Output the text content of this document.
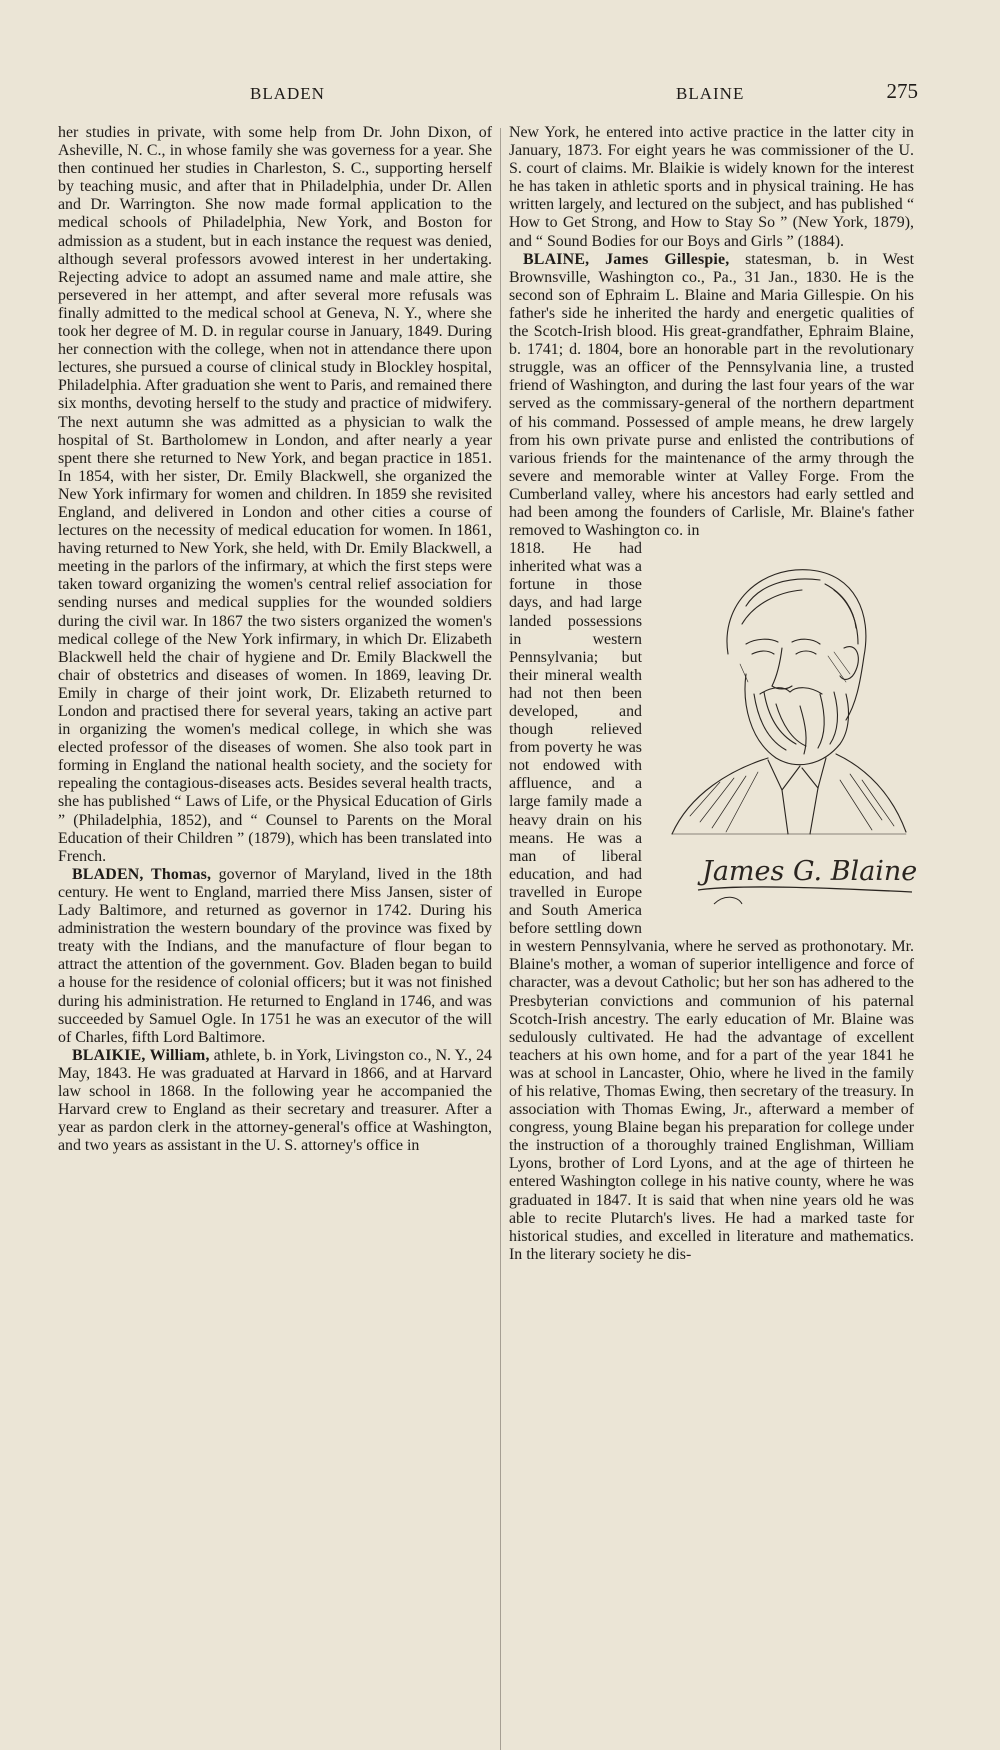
BLADEN	BLAINE	275

her studies in private, with some help from Dr. John Dixon, of Asheville, N. C., in whose family she was governess for a year. She then continued her studies in Charleston, S. C., supporting herself by teaching music, and after that in Philadelphia, under Dr. Allen and Dr. Warrington. She now made formal application to the medical schools of Philadelphia, New York, and Boston for admission as a student, but in each instance the request was denied, although several professors avowed interest in her undertaking. Rejecting advice to adopt an assumed name and male attire, she persevered in her attempt, and after several more refusals was finally admitted to the medical school at Geneva, N. Y., where she took her degree of M. D. in regular course in January, 1849. During her connection with the college, when not in attendance there upon lectures, she pursued a course of clinical study in Blockley hospital, Philadelphia. After graduation she went to Paris, and remained there six months, devoting herself to the study and practice of midwifery. The next autumn she was admitted as a physician to walk the hospital of St. Bartholomew in London, and after nearly a year spent there she returned to New York, and began practice in 1851. In 1854, with her sister, Dr. Emily Blackwell, she organized the New York infirmary for women and children. In 1859 she revisited England, and delivered in London and other cities a course of lectures on the necessity of medical education for women. In 1861, having returned to New York, she held, with Dr. Emily Blackwell, a meeting in the parlors of the infirmary, at which the first steps were taken toward organizing the women's central relief association for sending nurses and medical supplies for the wounded soldiers during the civil war. In 1867 the two sisters organized the women's medical college of the New York infirmary, in which Dr. Elizabeth Blackwell held the chair of hygiene and Dr. Emily Blackwell the chair of obstetrics and diseases of women. In 1869, leaving Dr. Emily in charge of their joint work, Dr. Elizabeth returned to London and practised there for several years, taking an active part in organizing the women's medical college, in which she was elected professor of the diseases of women. She also took part in forming in England the national health society, and the society for repealing the contagious-diseases acts. Besides several health tracts, she has published “ Laws of Life, or the Physical Education of Girls ” (Philadelphia, 1852), and “ Counsel to Parents on the Moral Education of their Children ” (1879), which has been translated into French.

BLADEN, Thomas, governor of Maryland, lived in the 18th century. He went to England, married there Miss Jansen, sister of Lady Baltimore, and returned as governor in 1742. During his administration the western boundary of the province was fixed by treaty with the Indians, and the manufacture of flour began to attract the attention of the government. Gov. Bladen began to build a house for the residence of colonial officers; but it was not finished during his administration. He returned to England in 1746, and was succeeded by Samuel Ogle. In 1751 he was an executor of the will of Charles, fifth Lord Baltimore.

BLAIKIE, William, athlete, b. in York, Livingston co., N. Y., 24 May, 1843. He was graduated at Harvard in 1866, and at Harvard law school in 1868. In the following year he accompanied the Harvard crew to England as their secretary and treasurer. After a year as pardon clerk in the attorney-general's office at Washington, and two years as assistant in the U. S. attorney's office in

New York, he entered into active practice in the latter city in January, 1873. For eight years he was commissioner of the U. S. court of claims. Mr. Blaikie is widely known for the interest he has taken in athletic sports and in physical training. He has written largely, and lectured on the subject, and has published “ How to Get Strong, and How to Stay So ” (New York, 1879), and “ Sound Bodies for our Boys and Girls ” (1884).

BLAINE, James Gillespie, statesman, b. in West Brownsville, Washington co., Pa., 31 Jan., 1830. He is the second son of Ephraim L. Blaine and Maria Gillespie. On his father's side he inherited the hardy and energetic qualities of the Scotch-Irish blood. His great-grandfather, Ephraim Blaine, b. 1741; d. 1804, bore an honorable part in the revolutionary struggle, was an officer of the Pennsylvania line, a trusted friend of Washington, and during the last four years of the war served as the commissary-general of the northern department of his command. Possessed of ample means, he drew largely from his own private purse and enlisted the contributions of various friends for the maintenance of the army through the severe and memorable winter at Valley Forge. From the Cumberland valley, where his ancestors had early settled and had been among the founders of Carlisle, Mr. Blaine's father removed to Washington co. in

James G. Blaine

1818. He had inherited what was a fortune in those days, and had large landed possessions in western Pennsylvania; but their mineral wealth had not then been developed, and though relieved from poverty he was not endowed with affluence, and a large family made a heavy drain on his means. He was a man of liberal education, and had travelled in Europe and South America before settling down in western Pennsylvania, where he served as prothonotary. Mr. Blaine's mother, a woman of superior intelligence and force of character, was a devout Catholic; but her son has adhered to the Presbyterian convictions and communion of his paternal Scotch-Irish ancestry. The early education of Mr. Blaine was sedulously cultivated. He had the advantage of excellent teachers at his own home, and for a part of the year 1841 he was at school in Lancaster, Ohio, where he lived in the family of his relative, Thomas Ewing, then secretary of the treasury. In association with Thomas Ewing, Jr., afterward a member of congress, young Blaine began his preparation for college under the instruction of a thoroughly trained Englishman, William Lyons, brother of Lord Lyons, and at the age of thirteen he entered Washington college in his native county, where he was graduated in 1847. It is said that when nine years old he was able to recite Plutarch's lives. He had a marked taste for historical studies, and excelled in literature and mathematics. In the literary society he dis-
